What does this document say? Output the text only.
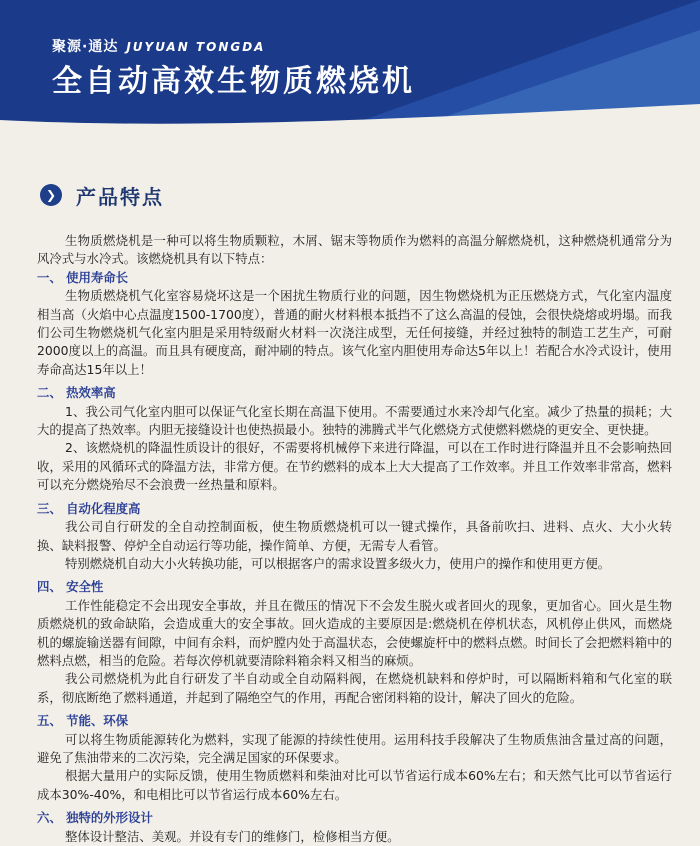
聚源·通达 JUYUAN TONGDA
全自动高效生物质燃烧机
❯ 产品特点

生物质燃烧机是一种可以将生物质颗粒，木屑、锯末等物质作为燃料的高温分解燃烧机，这种燃烧机通常分为风冷式与水冷式。该燃烧机具有以下特点：

一、 使用寿命长

生物质燃烧机气化室容易烧坏这是一个困扰生物质行业的问题，因生物燃烧机为正压燃烧方式，气化室内温度相当高（火焰中心点温度1500-1700度），普通的耐火材料根本抵挡不了这么高温的侵蚀，会很快烧熔或坍塌。而我们公司生物燃烧机气化室内胆是采用特级耐火材料一次浇注成型，无任何接缝，并经过独特的制造工艺生产，可耐2000度以上的高温。而且具有硬度高，耐冲刷的特点。该气化室内胆使用寿命达5年以上！若配合水冷式设计，使用寿命高达15年以上！

二、 热效率高

1、我公司气化室内胆可以保证气化室长期在高温下使用。不需要通过水来冷却气化室。减少了热量的损耗；大大的提高了热效率。内胆无接缝设计也使热损最小。独特的沸腾式半气化燃烧方式使燃料燃烧的更安全、更快捷。

2、该燃烧机的降温性质设计的很好，不需要将机械停下来进行降温，可以在工作时进行降温并且不会影响热回收，采用的风循环式的降温方法，非常方便。在节约燃料的成本上大大提高了工作效率。并且工作效率非常高，燃料可以充分燃烧殆尽不会浪费一丝热量和原料。

三、 自动化程度高

我公司自行研发的全自动控制面板，使生物质燃烧机可以一键式操作，具备前吹扫、进料、点火、大小火转换、缺料报警、停炉全自动运行等功能，操作简单、方便，无需专人看管。

特别燃烧机自动大小火转换功能，可以根据客户的需求设置多级火力，使用户的操作和使用更方便。

四、 安全性

工作性能稳定不会出现安全事故，并且在微压的情况下不会发生脱火或者回火的现象，更加省心。回火是生物质燃烧机的致命缺陷，会造成重大的安全事故。回火造成的主要原因是:燃烧机在停机状态，风机停止供风，而燃烧机的螺旋输送器有间隙，中间有余料，而炉膛内处于高温状态，会使螺旋杆中的燃料点燃。时间长了会把燃料箱中的燃料点燃，相当的危险。若每次停机就要清除料箱余料又相当的麻烦。

我公司燃烧机为此自行研发了半自动或全自动隔料阀，在燃烧机缺料和停炉时，可以隔断料箱和气化室的联系，彻底断绝了燃料通道，并起到了隔绝空气的作用，再配合密闭料箱的设计，解决了回火的危险。

五、 节能、环保

可以将生物质能源转化为燃料，实现了能源的持续性使用。运用科技手段解决了生物质焦油含量过高的问题，避免了焦油带来的二次污染，完全满足国家的环保要求。

根据大量用户的实际反馈，使用生物质燃料和柴油对比可以节省运行成本60%左右；和天然气比可以节省运行成本30%-40%，和电相比可以节省运行成本60%左右。

六、 独特的外形设计

整体设计整洁、美观。并设有专门的维修门，检修相当方便。
